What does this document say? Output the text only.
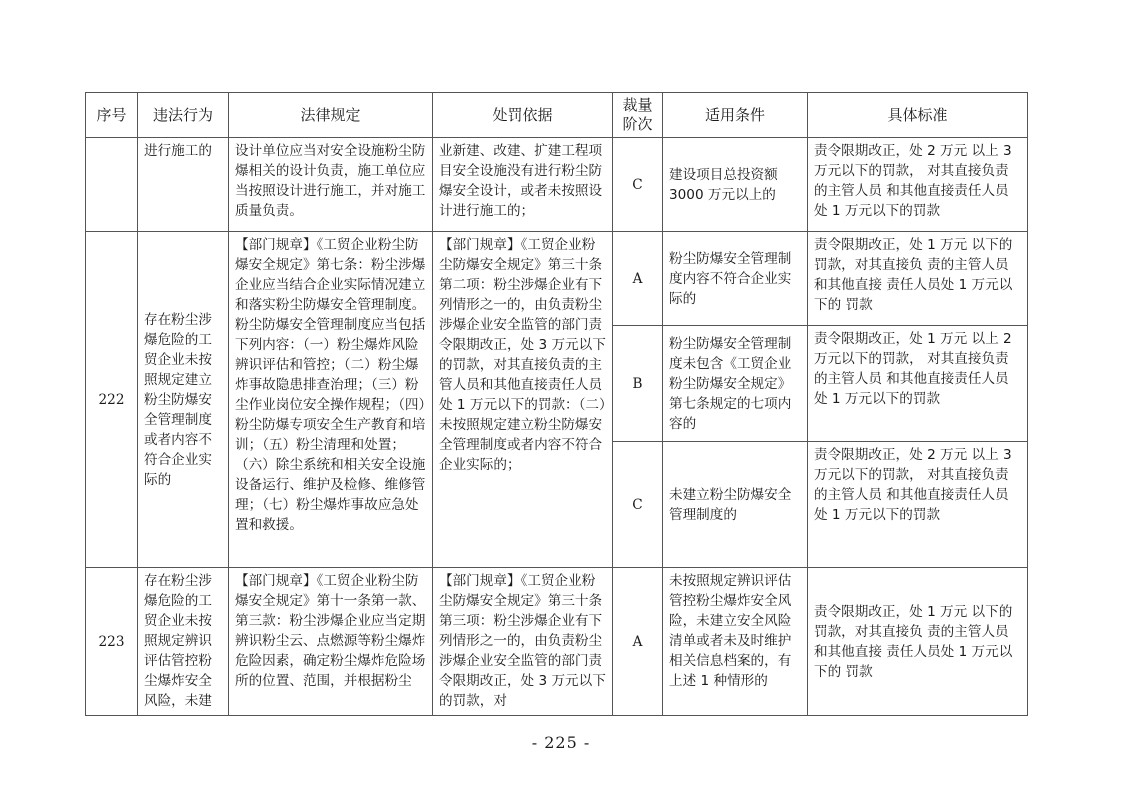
序号	违法行为	法律规定	处罚依据	裁量阶次	适用条件	具体标准
	进行施工的	设计单位应当对安全设施粉尘防爆相关的设计负责，施工单位应当按照设计进行施工，并对施工质量负责。	业新建、改建、扩建工程项目安全设施没有进行粉尘防爆安全设计，或者未按照设计进行施工的；	C	建设项目总投资额 3000 万元以上的	责令限期改正，处 2 万元 以上 3 万元以下的罚款， 对其直接负责的主管人员 和其他直接责任人员处 1 万元以下的罚款
222	存在粉尘涉爆危险的工贸企业未按照规定建立粉尘防爆安全管理制度或者内容不符合企业实际的	【部门规章】《工贸企业粉尘防爆安全规定》第七条：粉尘涉爆企业应当结合企业实际情况建立和落实粉尘防爆安全管理制度。粉尘防爆安全管理制度应当包括下列内容：（一）粉尘爆炸风险辨识评估和管控；（二）粉尘爆炸事故隐患排查治理；（三）粉尘作业岗位安全操作规程；（四）粉尘防爆专项安全生产教育和培训；（五）粉尘清理和处置；（六）除尘系统和相关安全设施设备运行、维护及检修、维修管理；（七）粉尘爆炸事故应急处置和救援。	【部门规章】《工贸企业粉尘防爆安全规定》第三十条第二项：粉尘涉爆企业有下列情形之一的，由负责粉尘涉爆企业安全监管的部门责令限期改正，处 3 万元以下的罚款，对其直接负责的主管人员和其他直接责任人员处 1 万元以下的罚款：（二）未按照规定建立粉尘防爆安全管理制度或者内容不符合企业实际的；	A	粉尘防爆安全管理制度内容不符合企业实际的	责令限期改正，处 1 万元 以下的罚款，对其直接负 责的主管人员和其他直接 责任人员处 1 万元以下的 罚款
				B	粉尘防爆安全管理制度未包含《工贸企业粉尘防爆安全规定》第七条规定的七项内容的	责令限期改正，处 1 万元 以上 2 万元以下的罚款， 对其直接负责的主管人员 和其他直接责任人员处 1 万元以下的罚款
				C	未建立粉尘防爆安全管理制度的	责令限期改正，处 2 万元 以上 3 万元以下的罚款， 对其直接负责的主管人员 和其他直接责任人员处 1 万元以下的罚款
223	存在粉尘涉爆危险的工贸企业未按照规定辨识评估管控粉尘爆炸安全风险，未建	【部门规章】《工贸企业粉尘防爆安全规定》第十一条第一款、第三款：粉尘涉爆企业应当定期辨识粉尘云、点燃源等粉尘爆炸危险因素，确定粉尘爆炸危险场所的位置、范围，并根据粉尘	【部门规章】《工贸企业粉尘防爆安全规定》第三十条第三项：粉尘涉爆企业有下列情形之一的，由负责粉尘涉爆企业安全监管的部门责令限期改正，处 3 万元以下的罚款，对	A	未按照规定辨识评估管控粉尘爆炸安全风险，未建立安全风险清单或者未及时维护相关信息档案的，有上述 1 种情形的	责令限期改正，处 1 万元 以下的罚款，对其直接负 责的主管人员和其他直接 责任人员处 1 万元以下的 罚款
- 225 -
